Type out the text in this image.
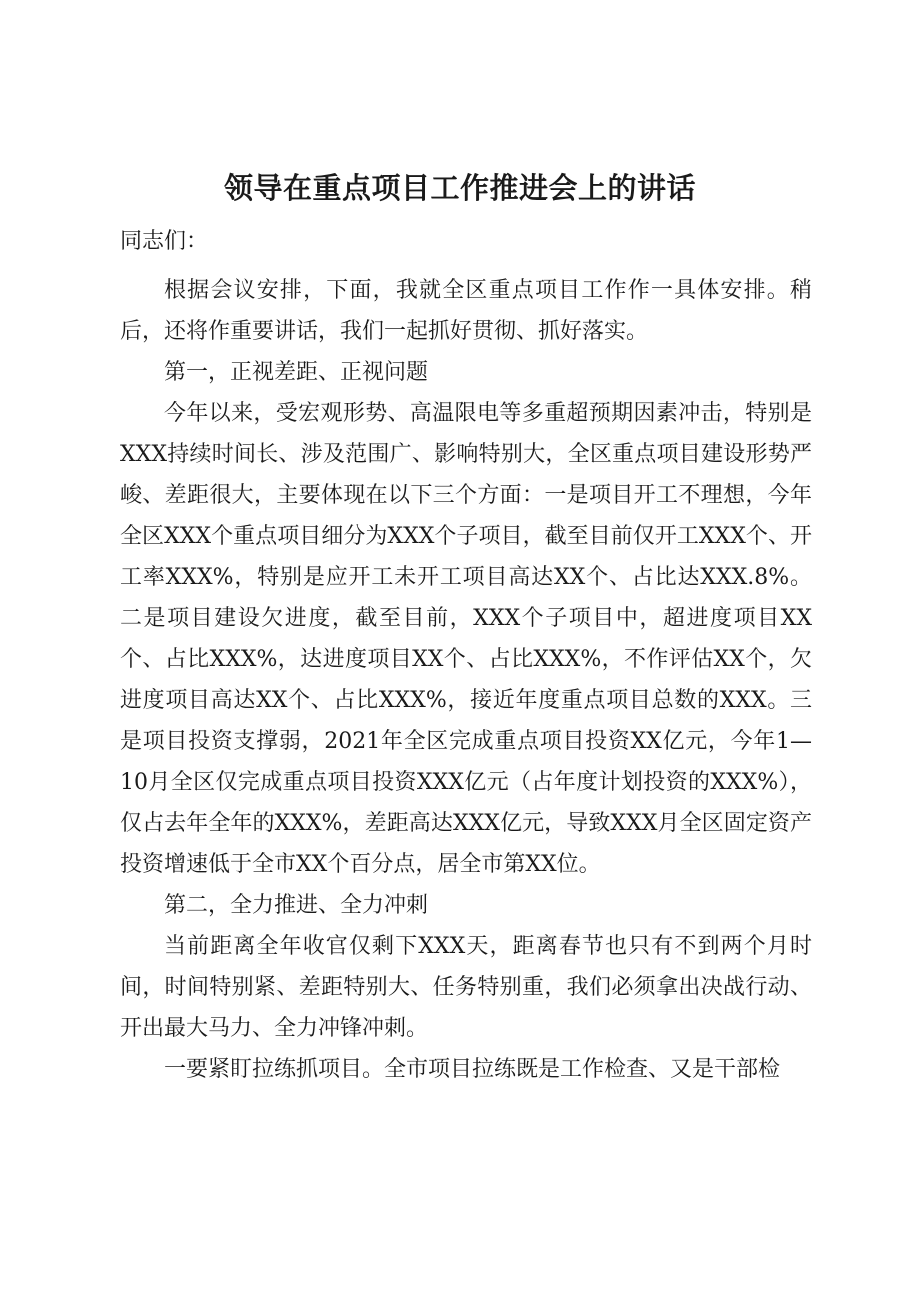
领导在重点项目工作推进会上的讲话

同志们：

根据会议安排，下面，我就全区重点项目工作作一具体安排。稍后，还将作重要讲话，我们一起抓好贯彻、抓好落实。

第一，正视差距、正视问题

今年以来，受宏观形势、高温限电等多重超预期因素冲击，特别是XXX持续时间长、涉及范围广、影响特别大，全区重点项目建设形势严峻、差距很大，主要体现在以下三个方面：一是项目开工不理想，今年全区XXX个重点项目细分为XXX个子项目，截至目前仅开工XXX个、开工率XXX%，特别是应开工未开工项目高达XX个、占比达XXX.8%。二是项目建设欠进度，截至目前，XXX个子项目中，超进度项目XX个、占比XXX%，达进度项目XX个、占比XXX%，不作评估XX个，欠进度项目高达XX个、占比XXX%，接近年度重点项目总数的XXX。三是项目投资支撑弱，2021年全区完成重点项目投资XX亿元，今年1—10月全区仅完成重点项目投资XXX亿元（占年度计划投资的XXX%），仅占去年全年的XXX%，差距高达XXX亿元，导致XXX月全区固定资产投资增速低于全市XX个百分点，居全市第XX位。

第二，全力推进、全力冲刺

当前距离全年收官仅剩下XXX天，距离春节也只有不到两个月时间，时间特别紧、差距特别大、任务特别重，我们必须拿出决战行动、开出最大马力、全力冲锋冲刺。

一要紧盯拉练抓项目。全市项目拉练既是工作检查、又是干部检
